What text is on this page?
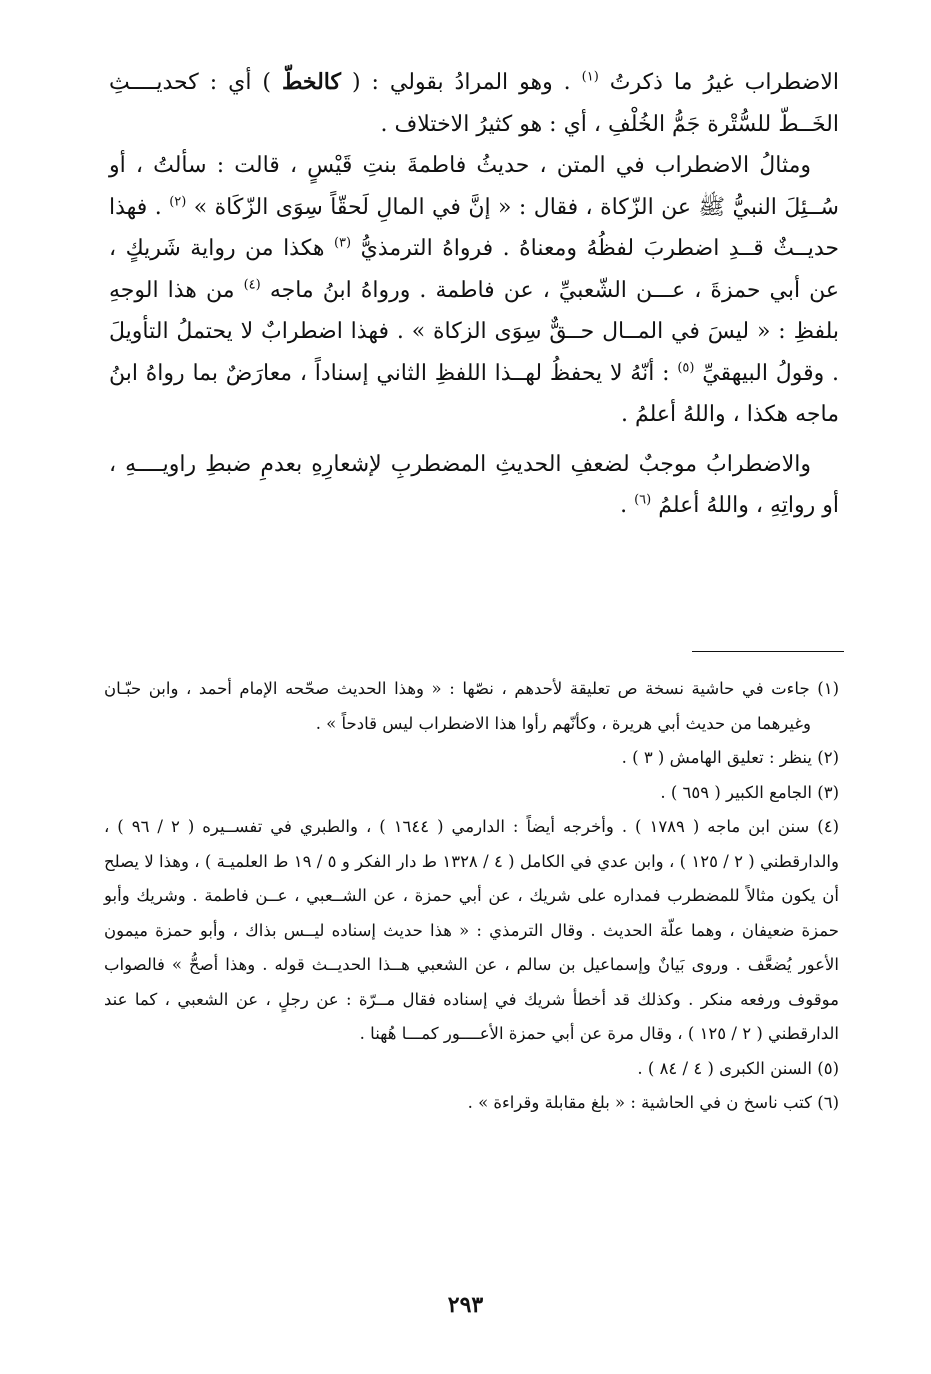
الاضطراب غيرُ ما ذكرتُ $^{(١)}$ . وهو المرادُ بقولي : ( كالخطّ ) أي : كحديــــثِ الخَــطّ للسُّتْرة جَمُّ الخُلْفِ ، أي : هو كثيرُ الاختلاف .

ومثالُ الاضطراب في المتن ، حديثُ فاطمةَ بنتِ قَيْسٍ ، قالت : سألتُ ، أو سُــئِلَ النبيُّ ﷺ عن الزّكاة ، فقال : « إنَّ في المالِ لَحقّاً سِوَى الزّكَاة » $^{(٢)}$ . فهذا حديــثٌ قــدِ اضطربَ لفظُهُ ومعناهُ . فرواهُ الترمذيُّ $^{(٣)}$ هكذا من رواية شَريكٍ ، عن أبي حمزةَ ، عـــن الشّعبيِّ ، عن فاطمة . ورواهُ ابنُ ماجه $^{(٤)}$ من هذا الوجهِ بلفظِ : « ليسَ في المــال حــقٌّ سِوَى الزكاة » . فهذا اضطرابٌ لا يحتملُ التأويلَ . وقولُ البيهقيِّ $^{(٥)}$ : أنّهُ لا يحفظُ لهــذا اللفظِ الثاني إسناداً ، معارَضٌ بما رواهُ ابنُ ماجه هكذا ، واللهُ أعلمُ .

والاضطرابُ موجبٌ لضعفِ الحديثِ المضطربِ لإشعارِهِ بعدمِ ضبطِ راويــــهِ ، أو رواتِهِ ، واللهُ أعلمُ $^{(٦)}$ .

(١) جاءت في حاشية نسخة ص تعليقة لأحدهم ، نصّها : « وهذا الحديث صحّحه الإمام أحمد ، وابن حبّـان وغيرهما من حديث أبي هريرة ، وكأنّهم رأوا هذا الاضطراب ليس قادحاً » .

(٢) ينظر : تعليق الهامش ( ٣ ) .

(٣) الجامع الكبير ( ٦٥٩ ) .

(٤) سنن ابن ماجه ( ١٧٨٩ ) . وأخرجه أيضاً : الدارمي ( ١٦٤٤ ) ، والطبري في تفســيره ( ٢ / ٩٦ ) ، والدارقطني ( ٢ / ١٢٥ ) ، وابن عدي في الكامل ( ٤ / ١٣٢٨ ط دار الفكر و ٥ / ١٩ ط العلميـة ) ، وهذا لا يصلح أن يكون مثالاً للمضطرب فمداره على شريك ، عن أبي حمزة ، عن الشــعبي ، عــن فاطمة . وشريك وأبو حمزة ضعيفان ، وهما علّة الحديث . وقال الترمذي : « هذا حديث إسناده ليــس بذاك ، وأبو حمزة ميمون الأعور يُضعَّف . وروى بَيانٌ وإسماعيل بن سالم ، عن الشعبي هــذا الحديــث قوله . وهذا أصحُّ » فالصواب موقوف ورفعه منكر . وكذلك قد أخطأ شريك في إسناده فقال مــرّة : عن رجلٍ ، عن الشعبي ، كما عند الدارقطني ( ٢ / ١٢٥ ) ، وقال مرة عن أبي حمزة الأعــــور كمـــا هُهنا .

(٥) السنن الكبرى ( ٤ / ٨٤ ) .

(٦) كتب ناسخ ن في الحاشية : « بلغ مقابلة وقراءة » .

٢٩٣
